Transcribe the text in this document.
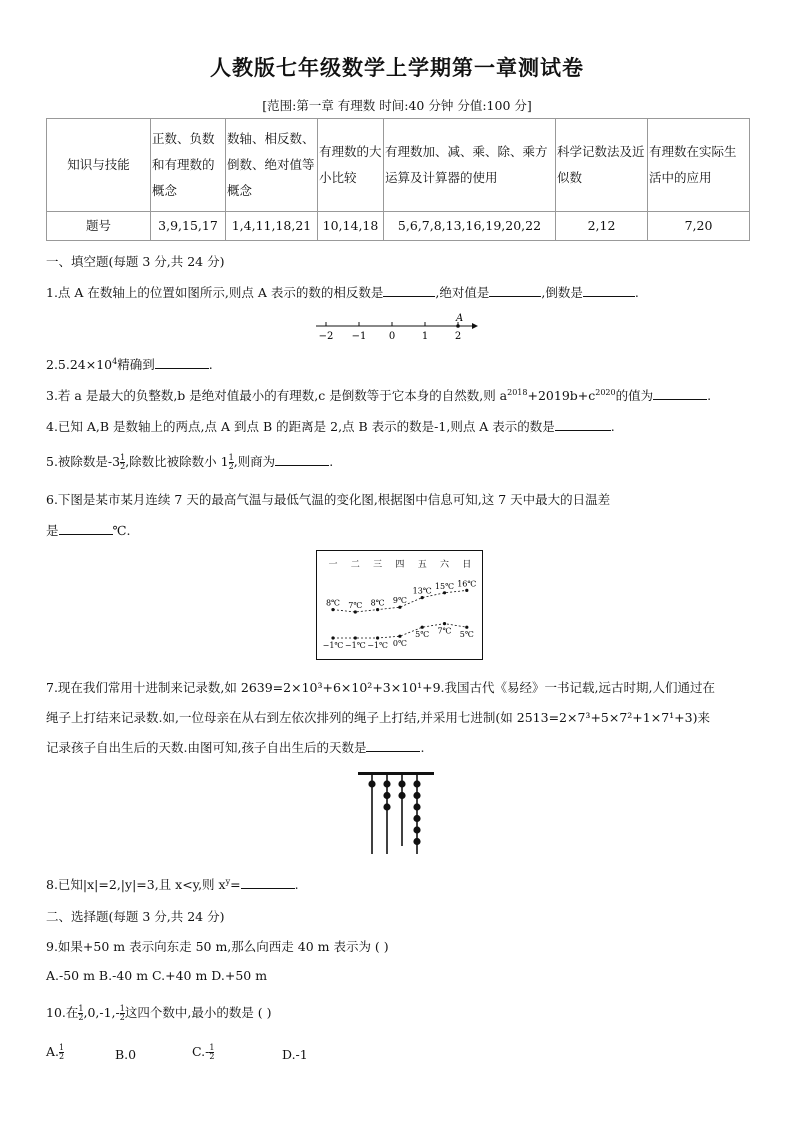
人教版七年级数学上学期第一章测试卷
[范围:第一章 有理数 时间:40 分钟 分值:100 分]
知识与技能	正数、负数和有理数的概念	数轴、相反数、倒数、绝对值等概念	有理数的大小比较	有理数加、减、乘、除、乘方运算及计算器的使用	科学记数法及近似数	有理数在实际生活中的应用
题号	3,9,15,17	1,4,11,18,21	10,14,18	5,6,7,8,13,16,19,20,22	2,12	7,20
一、填空题(每题 3 分,共 24 分)
1.点 A 在数轴上的位置如图所示,则点 A 表示的数的相反数是	,绝对值是	,倒数是	.
−2 −1 0	1	2
A
$2.5.24\times 10^4$精确到	.
3.若 a 是最大的负整数,b 是绝对值最小的有理数,c 是倒数等于它本身的自然数,则 $a^{2018}+2019b+c^{2020}$的值为	.
4.已知 A,B 是数轴上的两点,点 A 到点 B 的距离是 2,点 B 表示的数是-1,则点 A 表示的数是	.
5.被除数是$-3 \frac{1}{2}$ ,除数比被除数小 $1 \frac{1}{2}$ ,则商为	.
6.下图是某市某月连续 7 天的最高气温与最低气温的变化图,根据图中信息可知,这 7 天中最大的日温差
是	℃.
一 二 三 四 五 六 日
8℃ 7℃ 8℃ 9℃
13℃
15℃ 16℃
−1℃ −1℃ −1℃ 0℃
5℃ 7℃ 5℃
7.现在我们常用十进制来记录数,如 2639=2×10³+6×10²+3×10¹+9.我国古代《易经》一书记载,远古时期,人们通过在
绳子上打结来记录数.如,一位母亲在从右到左依次排列的绳子上打结,并采用七进制(如 2513=2×7³+5×7²+1×7¹+3)来
记录孩子自出生后的天数.由图可知,孩子自出生后的天数是	.
8.已知|x|=2,|y|=3,且 x<y,则 $x^y=$	.
二、选择题(每题 3 分,共 24 分)
9.如果+50 m 表示向东走 50 m,那么向西走 40 m 表示为 ( )
A.-50 m B.-40 m C.+40 m D.+50 m
10.在 $\frac{1}{2} ,0,-1,- \frac{1}{2}$ 这四个数中,最小的数是 ( )
A. $\frac{1}{2}$	B.0	$C.- \frac{1}{2}$	D.-1
